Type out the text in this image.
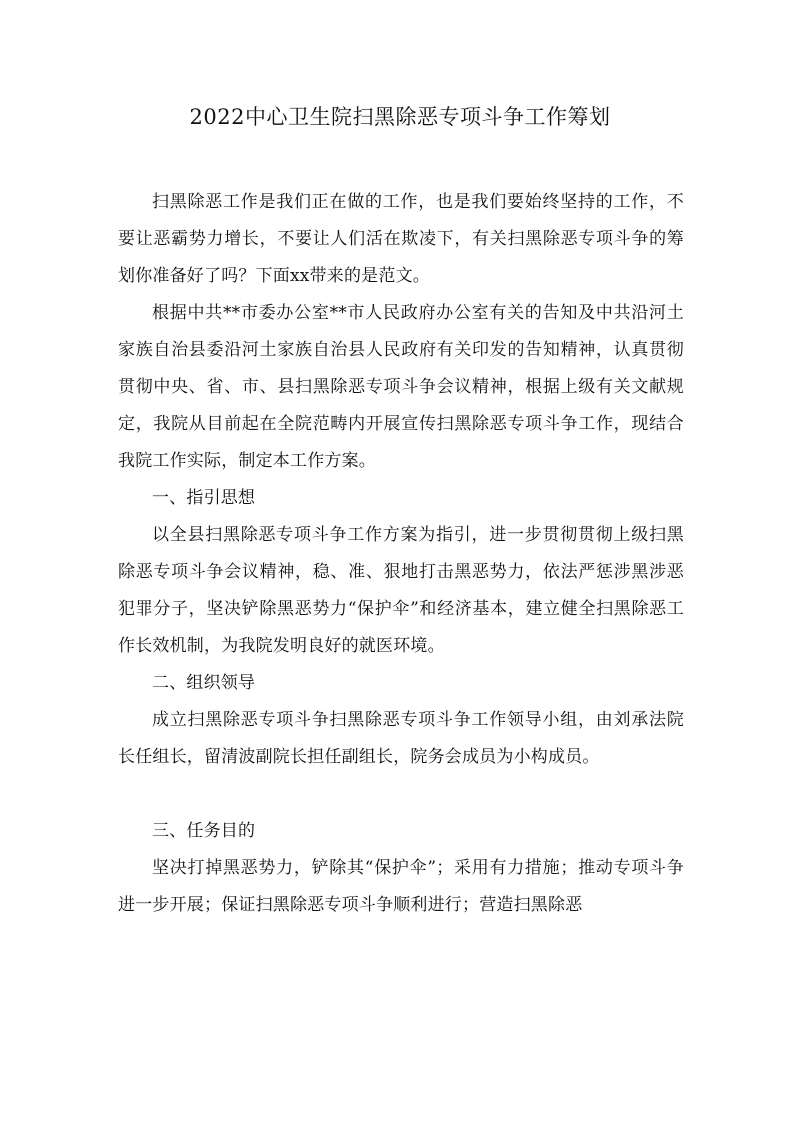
2022中心卫生院扫黑除恶专项斗争工作筹划

扫黑除恶工作是我们正在做的工作，也是我们要始终坚持的工作，不要让恶霸势力增长，不要让人们活在欺凌下，有关扫黑除恶专项斗争的筹划你准备好了吗？下面xx带来的是范文。

根据中共**市委办公室**市人民政府办公室有关的告知及中共沿河土家族自治县委沿河土家族自治县人民政府有关印发的告知精神，认真贯彻贯彻中央、省、市、县扫黑除恶专项斗争会议精神，根据上级有关文献规定，我院从目前起在全院范畴内开展宣传扫黑除恶专项斗争工作，现结合我院工作实际，制定本工作方案。

一、指引思想

以全县扫黑除恶专项斗争工作方案为指引，进一步贯彻贯彻上级扫黑除恶专项斗争会议精神，稳、准、狠地打击黑恶势力，依法严惩涉黑涉恶犯罪分子，坚决铲除黑恶势力“保护伞”和经济基本，建立健全扫黑除恶工作长效机制，为我院发明良好的就医环境。

二、组织领导

成立扫黑除恶专项斗争扫黑除恶专项斗争工作领导小组，由刘承法院长任组长，留清波副院长担任副组长，院务会成员为小构成员。

三、任务目的

坚决打掉黑恶势力，铲除其“保护伞”；采用有力措施；推动专项斗争进一步开展；保证扫黑除恶专项斗争顺利进行；营造扫黑除恶
